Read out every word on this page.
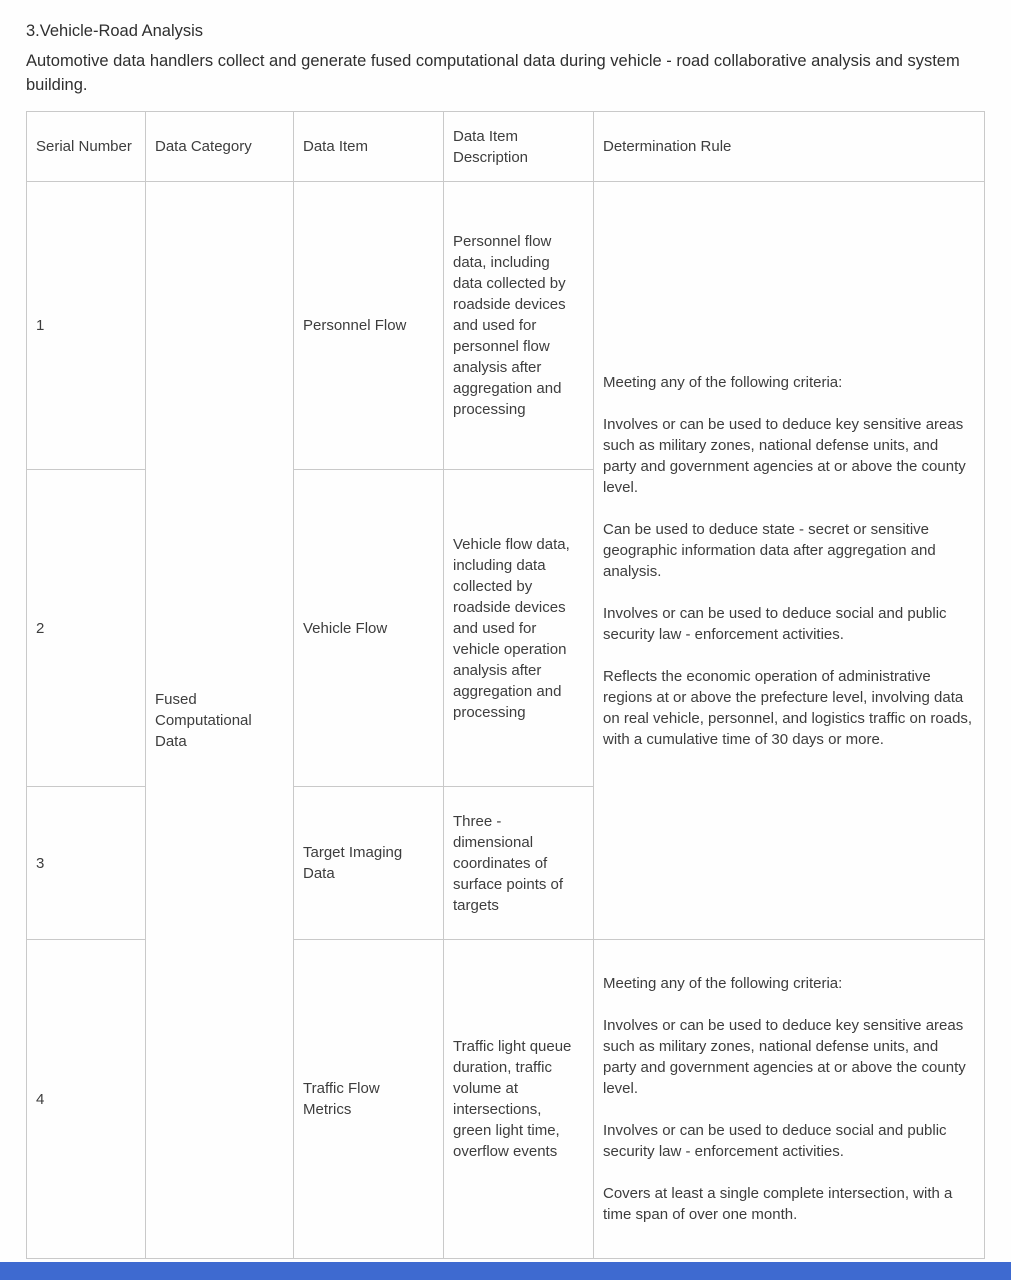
3.Vehicle-Road Analysis

Automotive data handlers collect and generate fused computational data during vehicle - road collaborative analysis and system building.

Serial Number	Data Category	Data Item	Data Item Description	Determination Rule
1	Fused Computational Data	Personnel Flow	Personnel flow data, including data collected by roadside devices and used for personnel flow analysis after aggregation and processing	Meeting any of the following criteria:

Involves or can be used to deduce key sensitive areas such as military zones, national defense units, and party and government agencies at or above the county level.

Can be used to deduce state - secret or sensitive geographic information data after aggregation and analysis.

Involves or can be used to deduce social and public security law - enforcement activities.

Reflects the economic operation of administrative regions at or above the prefecture level, involving data on real vehicle, personnel, and logistics traffic on roads, with a cumulative time of 30 days or more.

2		Vehicle Flow	Vehicle flow data, including data collected by roadside devices and used for vehicle operation analysis after aggregation and processing	
3		Target Imaging Data	Three - dimensional coordinates of surface points of targets	
4		Traffic Flow Metrics	Traffic light queue duration, traffic volume at intersections, green light time, overflow events	Meeting any of the following criteria:

Involves or can be used to deduce key sensitive areas such as military zones, national defense units, and party and government agencies at or above the county level.

Involves or can be used to deduce social and public security law - enforcement activities.

Covers at least a single complete intersection, with a time span of over one month.
